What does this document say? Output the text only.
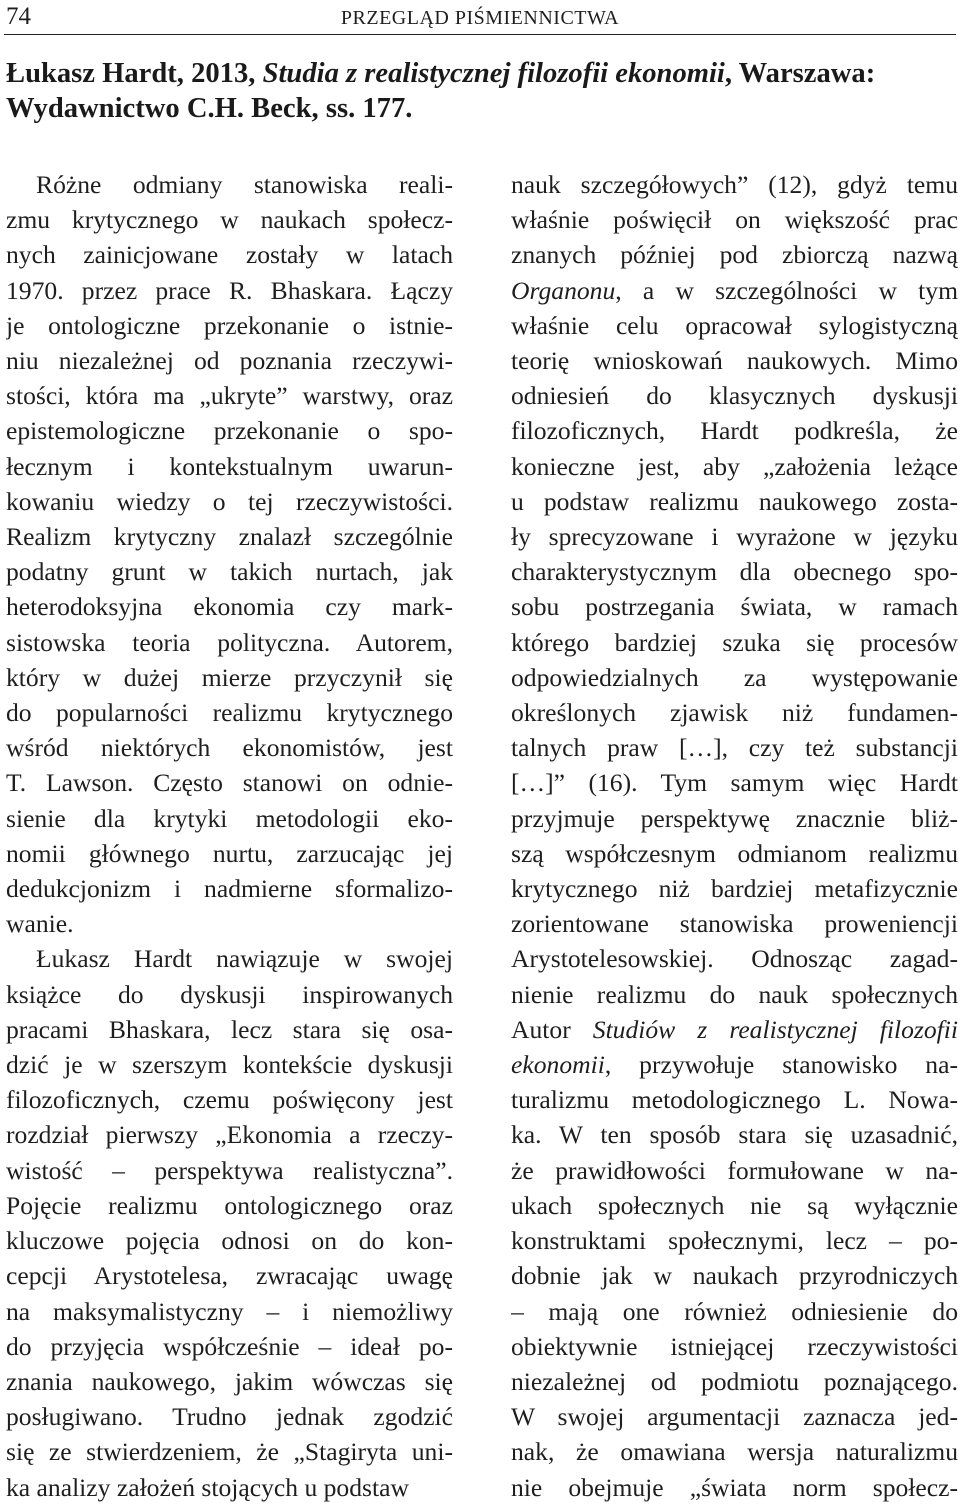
74	PRZEGLĄD PIŚMIENNICTWA
Łukasz Hardt, 2013, Studia z realistycznej filozofii ekonomii, Warszawa:
Wydawnictwo C.H. Beck, ss. 177.

Różne odmiany stanowiska reali-
zmu krytycznego w naukach społecz-
nych zainicjowane zostały w latach
1970. przez prace R. Bhaskara. Łączy
je ontologiczne przekonanie o istnie-
niu niezależnej od poznania rzeczywi-
stości, która ma „ukryte” warstwy, oraz
epistemologiczne przekonanie o spo-
łecznym i kontekstualnym uwarun-
kowaniu wiedzy o tej rzeczywistości.
Realizm krytyczny znalazł szczególnie
podatny grunt w takich nurtach, jak
heterodoksyjna ekonomia czy mark-
sistowska teoria polityczna. Autorem,
który w dużej mierze przyczynił się
do popularności realizmu krytycznego
wśród niektórych ekonomistów, jest
T. Lawson. Często stanowi on odnie-
sienie dla krytyki metodologii eko-
nomii głównego nurtu, zarzucając jej
dedukcjonizm i nadmierne sformalizo-
wanie.

Łukasz Hardt nawiązuje w swojej
książce do dyskusji inspirowanych
pracami Bhaskara, lecz stara się osa-
dzić je w szerszym kontekście dyskusji
filozoficznych, czemu poświęcony jest
rozdział pierwszy „Ekonomia a rzeczy-
wistość – perspektywa realistyczna”.
Pojęcie realizmu ontologicznego oraz
kluczowe pojęcia odnosi on do kon-
cepcji Arystotelesa, zwracając uwagę
na maksymalistyczny – i niemożliwy
do przyjęcia współcześnie – ideał po-
znania naukowego, jakim wówczas się
posługiwano. Trudno jednak zgodzić
się ze stwierdzeniem, że „Stagiryta uni-
ka analizy założeń stojących u podstaw

nauk szczegółowych” (12), gdyż temu
właśnie poświęcił on większość prac
znanych później pod zbiorczą nazwą
Organonu, a w szczególności w tym
właśnie celu opracował sylogistyczną
teorię wnioskowań naukowych. Mimo
odniesień do klasycznych dyskusji
filozoficznych, Hardt podkreśla, że
konieczne jest, aby „założenia leżące
u podstaw realizmu naukowego zosta-
ły sprecyzowane i wyrażone w języku
charakterystycznym dla obecnego spo-
sobu postrzegania świata, w ramach
którego bardziej szuka się procesów
odpowiedzialnych za występowanie
określonych zjawisk niż fundamen-
talnych praw […], czy też substancji
[…]” (16). Tym samym więc Hardt
przyjmuje perspektywę znacznie bliż-
szą współczesnym odmianom realizmu
krytycznego niż bardziej metafizycznie
zorientowane stanowiska proweniencji
Arystotelesowskiej. Odnosząc zagad-
nienie realizmu do nauk społecznych
Autor Studiów z realistycznej filozofii
ekonomii, przywołuje stanowisko na-
turalizmu metodologicznego L. Nowa-
ka. W ten sposób stara się uzasadnić,
że prawidłowości formułowane w na-
ukach społecznych nie są wyłącznie
konstruktami społecznymi, lecz – po-
dobnie jak w naukach przyrodniczych
– mają one również odniesienie do
obiektywnie istniejącej rzeczywistości
niezależnej od podmiotu poznającego.
W swojej argumentacji zaznacza jed-
nak, że omawiana wersja naturalizmu
nie obejmuje „świata norm społecz-
